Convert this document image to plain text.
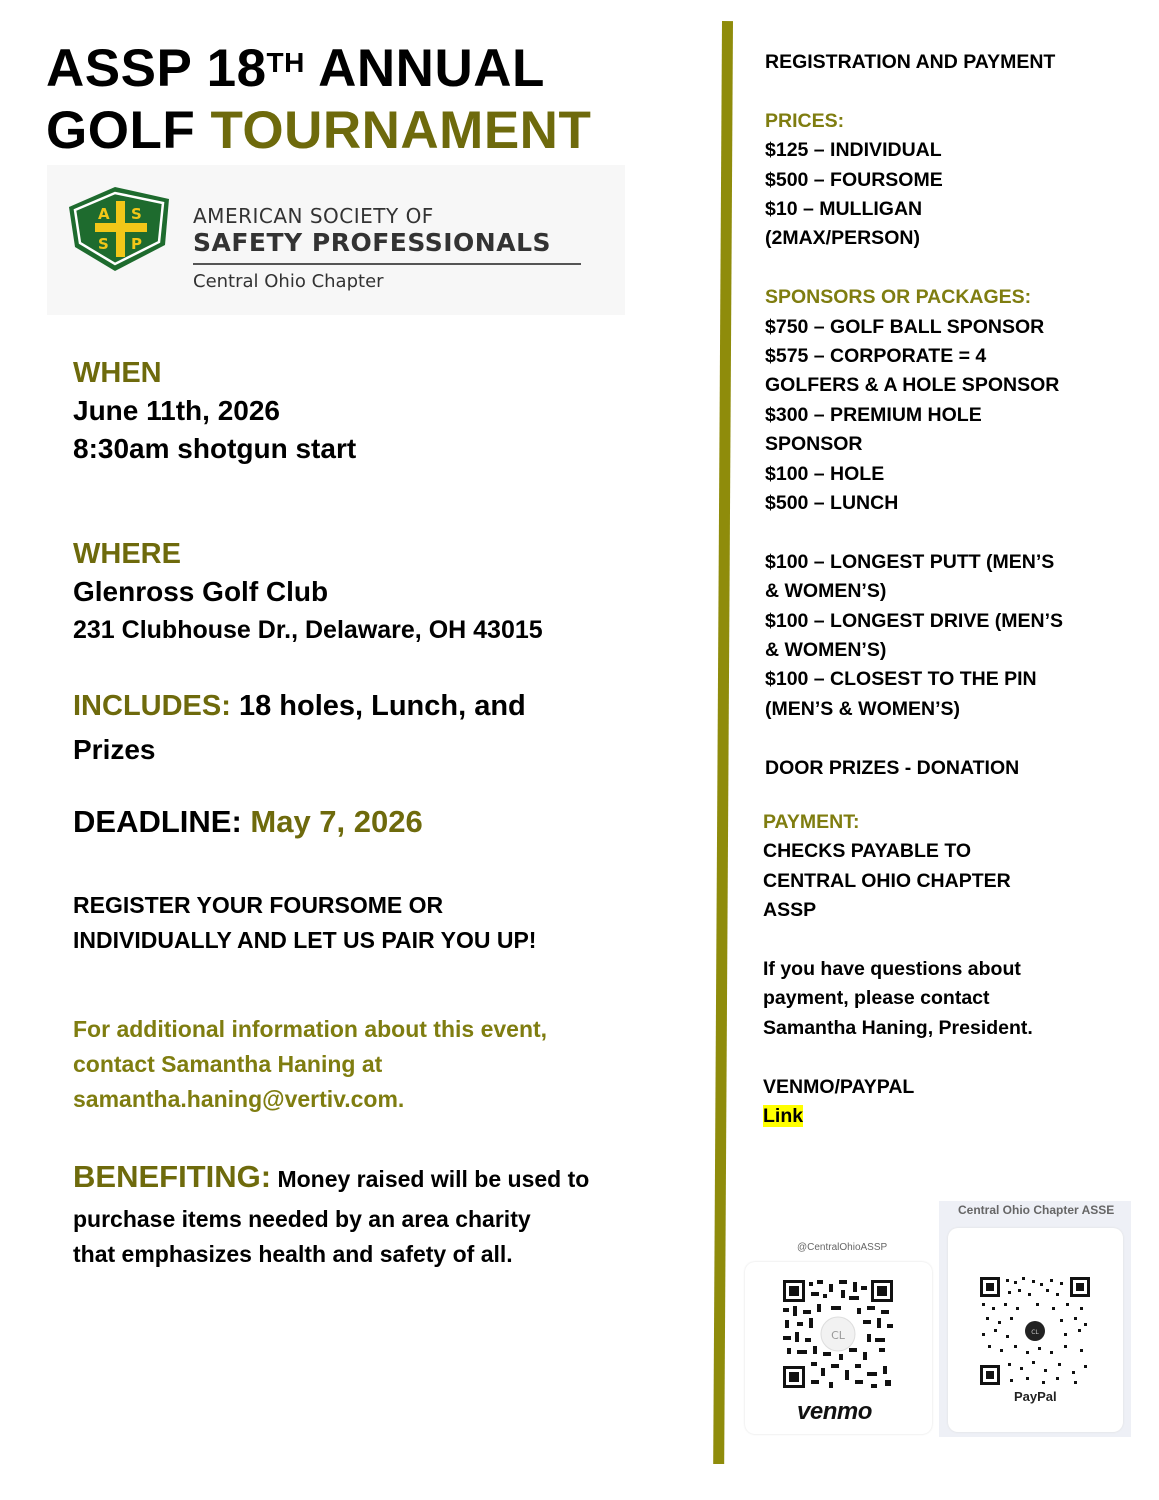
ASSP 18TH ANNUAL
GOLF TOURNAMENT
A S
S P
AMERICAN SOCIETY OF
SAFETY PROFESSIONALS
Central Ohio Chapter
WHEN
June 11th, 2026
8:30am shotgun start
WHERE
Glenross Golf Club
231 Clubhouse Dr., Delaware, OH 43015
INCLUDES: 18 holes, Lunch, and
Prizes
DEADLINE: May 7, 2026
REGISTER YOUR FOURSOME OR
INDIVIDUALLY AND LET US PAIR YOU UP!
For additional information about this event,
contact Samantha Haning at
samantha.haning@vertiv.com.
BENEFITING: Money raised will be used to
purchase items needed by an area charity
that emphasizes health and safety of all.
REGISTRATION AND PAYMENT
PRICES:
$125 – INDIVIDUAL
$500 – FOURSOME
$10 – MULLIGAN
(2MAX/PERSON)
SPONSORS OR PACKAGES:
$750 – GOLF BALL SPONSOR
$575 – CORPORATE = 4
GOLFERS & A HOLE SPONSOR
$300 – PREMIUM HOLE
SPONSOR
$100 – HOLE
$500 – LUNCH
$100 – LONGEST PUTT (MEN’S
& WOMEN’S)
$100 – LONGEST DRIVE (MEN’S
& WOMEN’S)
$100 – CLOSEST TO THE PIN
(MEN’S & WOMEN’S)
DOOR PRIZES - DONATION
PAYMENT:
CHECKS PAYABLE TO
CENTRAL OHIO CHAPTER
ASSP
If you have questions about
payment, please contact
Samantha Haning, President.
VENMO/PAYPAL
Link
@CentralOhioASSP
CL
venmo
Central Ohio Chapter ASSE
CL
PayPal
